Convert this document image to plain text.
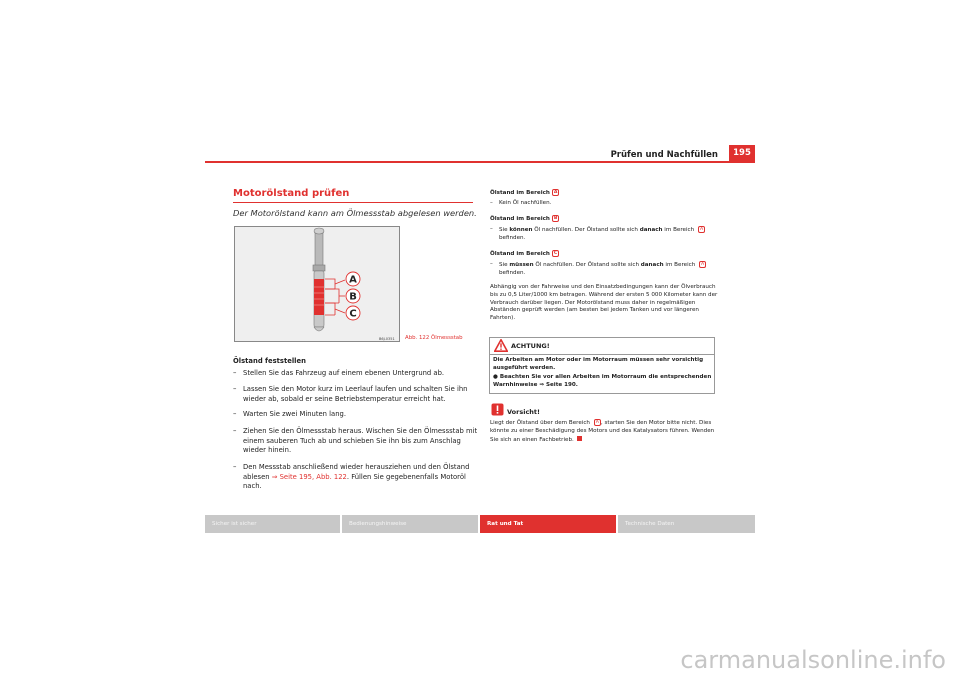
Prüfen und Nachfüllen	195
Motorölstand prüfen
Der Motorölstand kann am Ölmessstab abgelesen werden.
A
B
C
B6J-0351 Abb. 122 Ölmessstab
Ölstand feststellen
– Stellen Sie das Fahrzeug auf einem ebenen Untergrund ab.
– Lassen Sie den Motor kurz im Leerlauf laufen und schalten Sie ihn wieder ab, sobald er seine Betriebstemperatur erreicht hat.
– Warten Sie zwei Minuten lang.
– Ziehen Sie den Ölmessstab heraus. Wischen Sie den Ölmessstab mit einem sauberen Tuch ab und schieben Sie ihn bis zum Anschlag wieder hinein.
– Den Messstab anschließend wieder herausziehen und den Ölstand ablesen ⇒ Seite 195, Abb. 122. Füllen Sie gegebenenfalls Motoröl nach.
Ölstand im Bereich A
– Kein Öl nachfüllen.
Ölstand im Bereich B
– Sie können Öl nachfüllen. Der Ölstand sollte sich danach im Bereich A
befinden.
Ölstand im Bereich C
– Sie müssen Öl nachfüllen. Der Ölstand sollte sich danach im Bereich A
befinden.
Abhängig von der Fahrweise und den Einsatzbedingungen kann der Ölverbrauch bis zu 0,5 Liter/1000 km betragen. Während der ersten 5 000 Kilometer kann der Verbrauch darüber liegen. Der Motorölstand muss daher in regelmäßigen Abständen geprüft werden (am besten bei jedem Tanken und vor längeren Fahrten).
ACHTUNG!
Die Arbeiten am Motor oder im Motorraum müssen sehr vorsichtig ausgeführt werden.
● Beachten Sie vor allen Arbeiten im Motorraum die entsprechenden Warnhinweise ⇒ Seite 190.
Vorsicht!
Liegt der Ölstand über dem Bereich A , starten Sie den Motor bitte nicht. Dies könnte zu einer Beschädigung des Motors und des Katalysators führen. Wenden Sie sich an einen Fachbetrieb.
Sicher ist sicher	Bedienungshinweise	Rat und Tat	Technische Daten
carmanualsonline.info
